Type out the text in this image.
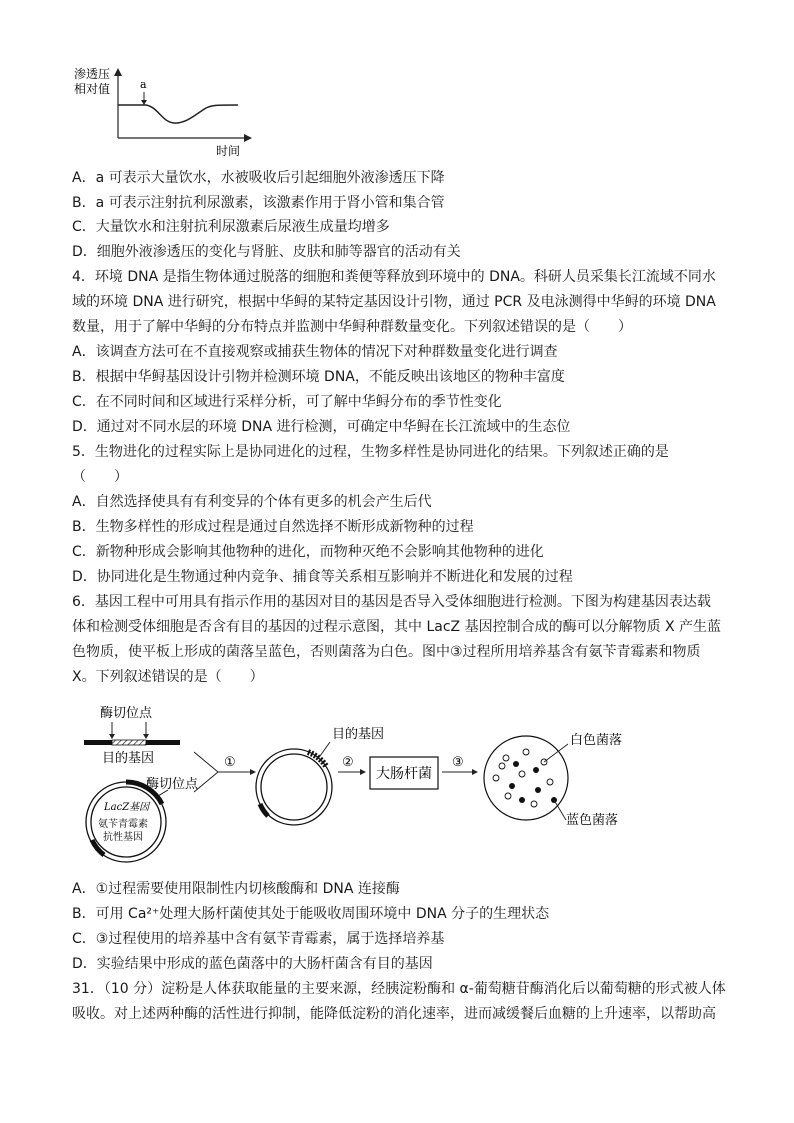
渗透压
相对值	a
时间
A．a 可表示大量饮水，水被吸收后引起细胞外液渗透压下降
B．a 可表示注射抗利尿激素，该激素作用于肾小管和集合管
C．大量饮水和注射抗利尿激素后尿液生成量均增多
D．细胞外液渗透压的变化与肾脏、皮肤和肺等器官的活动有关
4．环境 DNA 是指生物体通过脱落的细胞和粪便等释放到环境中的 DNA。科研人员采集长江流域不同水
域的环境 DNA 进行研究，根据中华鲟的某特定基因设计引物，通过 PCR 及电泳测得中华鲟的环境 DNA
数量，用于了解中华鲟的分布特点并监测中华鲟种群数量变化。下列叙述错误的是（　　）
A．该调查方法可在不直接观察或捕获生物体的情况下对种群数量变化进行调查
B．根据中华鲟基因设计引物并检测环境 DNA，不能反映出该地区的物种丰富度
C．在不同时间和区域进行采样分析，可了解中华鲟分布的季节性变化
D．通过对不同水层的环境 DNA 进行检测，可确定中华鲟在长江流域中的生态位
5．生物进化的过程实际上是协同进化的过程，生物多样性是协同进化的结果。下列叙述正确的是
（　　）
A．自然选择使具有有利变异的个体有更多的机会产生后代
B．生物多样性的形成过程是通过自然选择不断形成新物种的过程
C．新物种形成会影响其他物种的进化，而物种灭绝不会影响其他物种的进化
D．协同进化是生物通过种内竞争、捕食等关系相互影响并不断进化和发展的过程
6．基因工程中可用具有指示作用的基因对目的基因是否导入受体细胞进行检测。下图为构建基因表达载
体和检测受体细胞是否含有目的基因的过程示意图，其中 LacZ 基因控制合成的酶可以分解物质 X 产生蓝
色物质，使平板上形成的菌落呈蓝色，否则菌落为白色。图中③过程所用培养基含有氨苄青霉素和物质
X。下列叙述错误的是（　　）
酶切位点
目的基因
酶切位点
LacZ基因
氨苄青霉素
抗性基因
①
目的基因
②
大肠杆菌
③
白色菌落
蓝色菌落
A．①过程需要使用限制性内切核酸酶和 DNA 连接酶
B．可用 Ca²⁺处理大肠杆菌使其处于能吸收周围环境中 DNA 分子的生理状态
C．③过程使用的培养基中含有氨苄青霉素，属于选择培养基
D．实验结果中形成的蓝色菌落中的大肠杆菌含有目的基因
31．（10 分）淀粉是人体获取能量的主要来源，经胰淀粉酶和 α-葡萄糖苷酶消化后以葡萄糖的形式被人体
吸收。对上述两种酶的活性进行抑制，能降低淀粉的消化速率，进而减缓餐后血糖的上升速率，以帮助高
